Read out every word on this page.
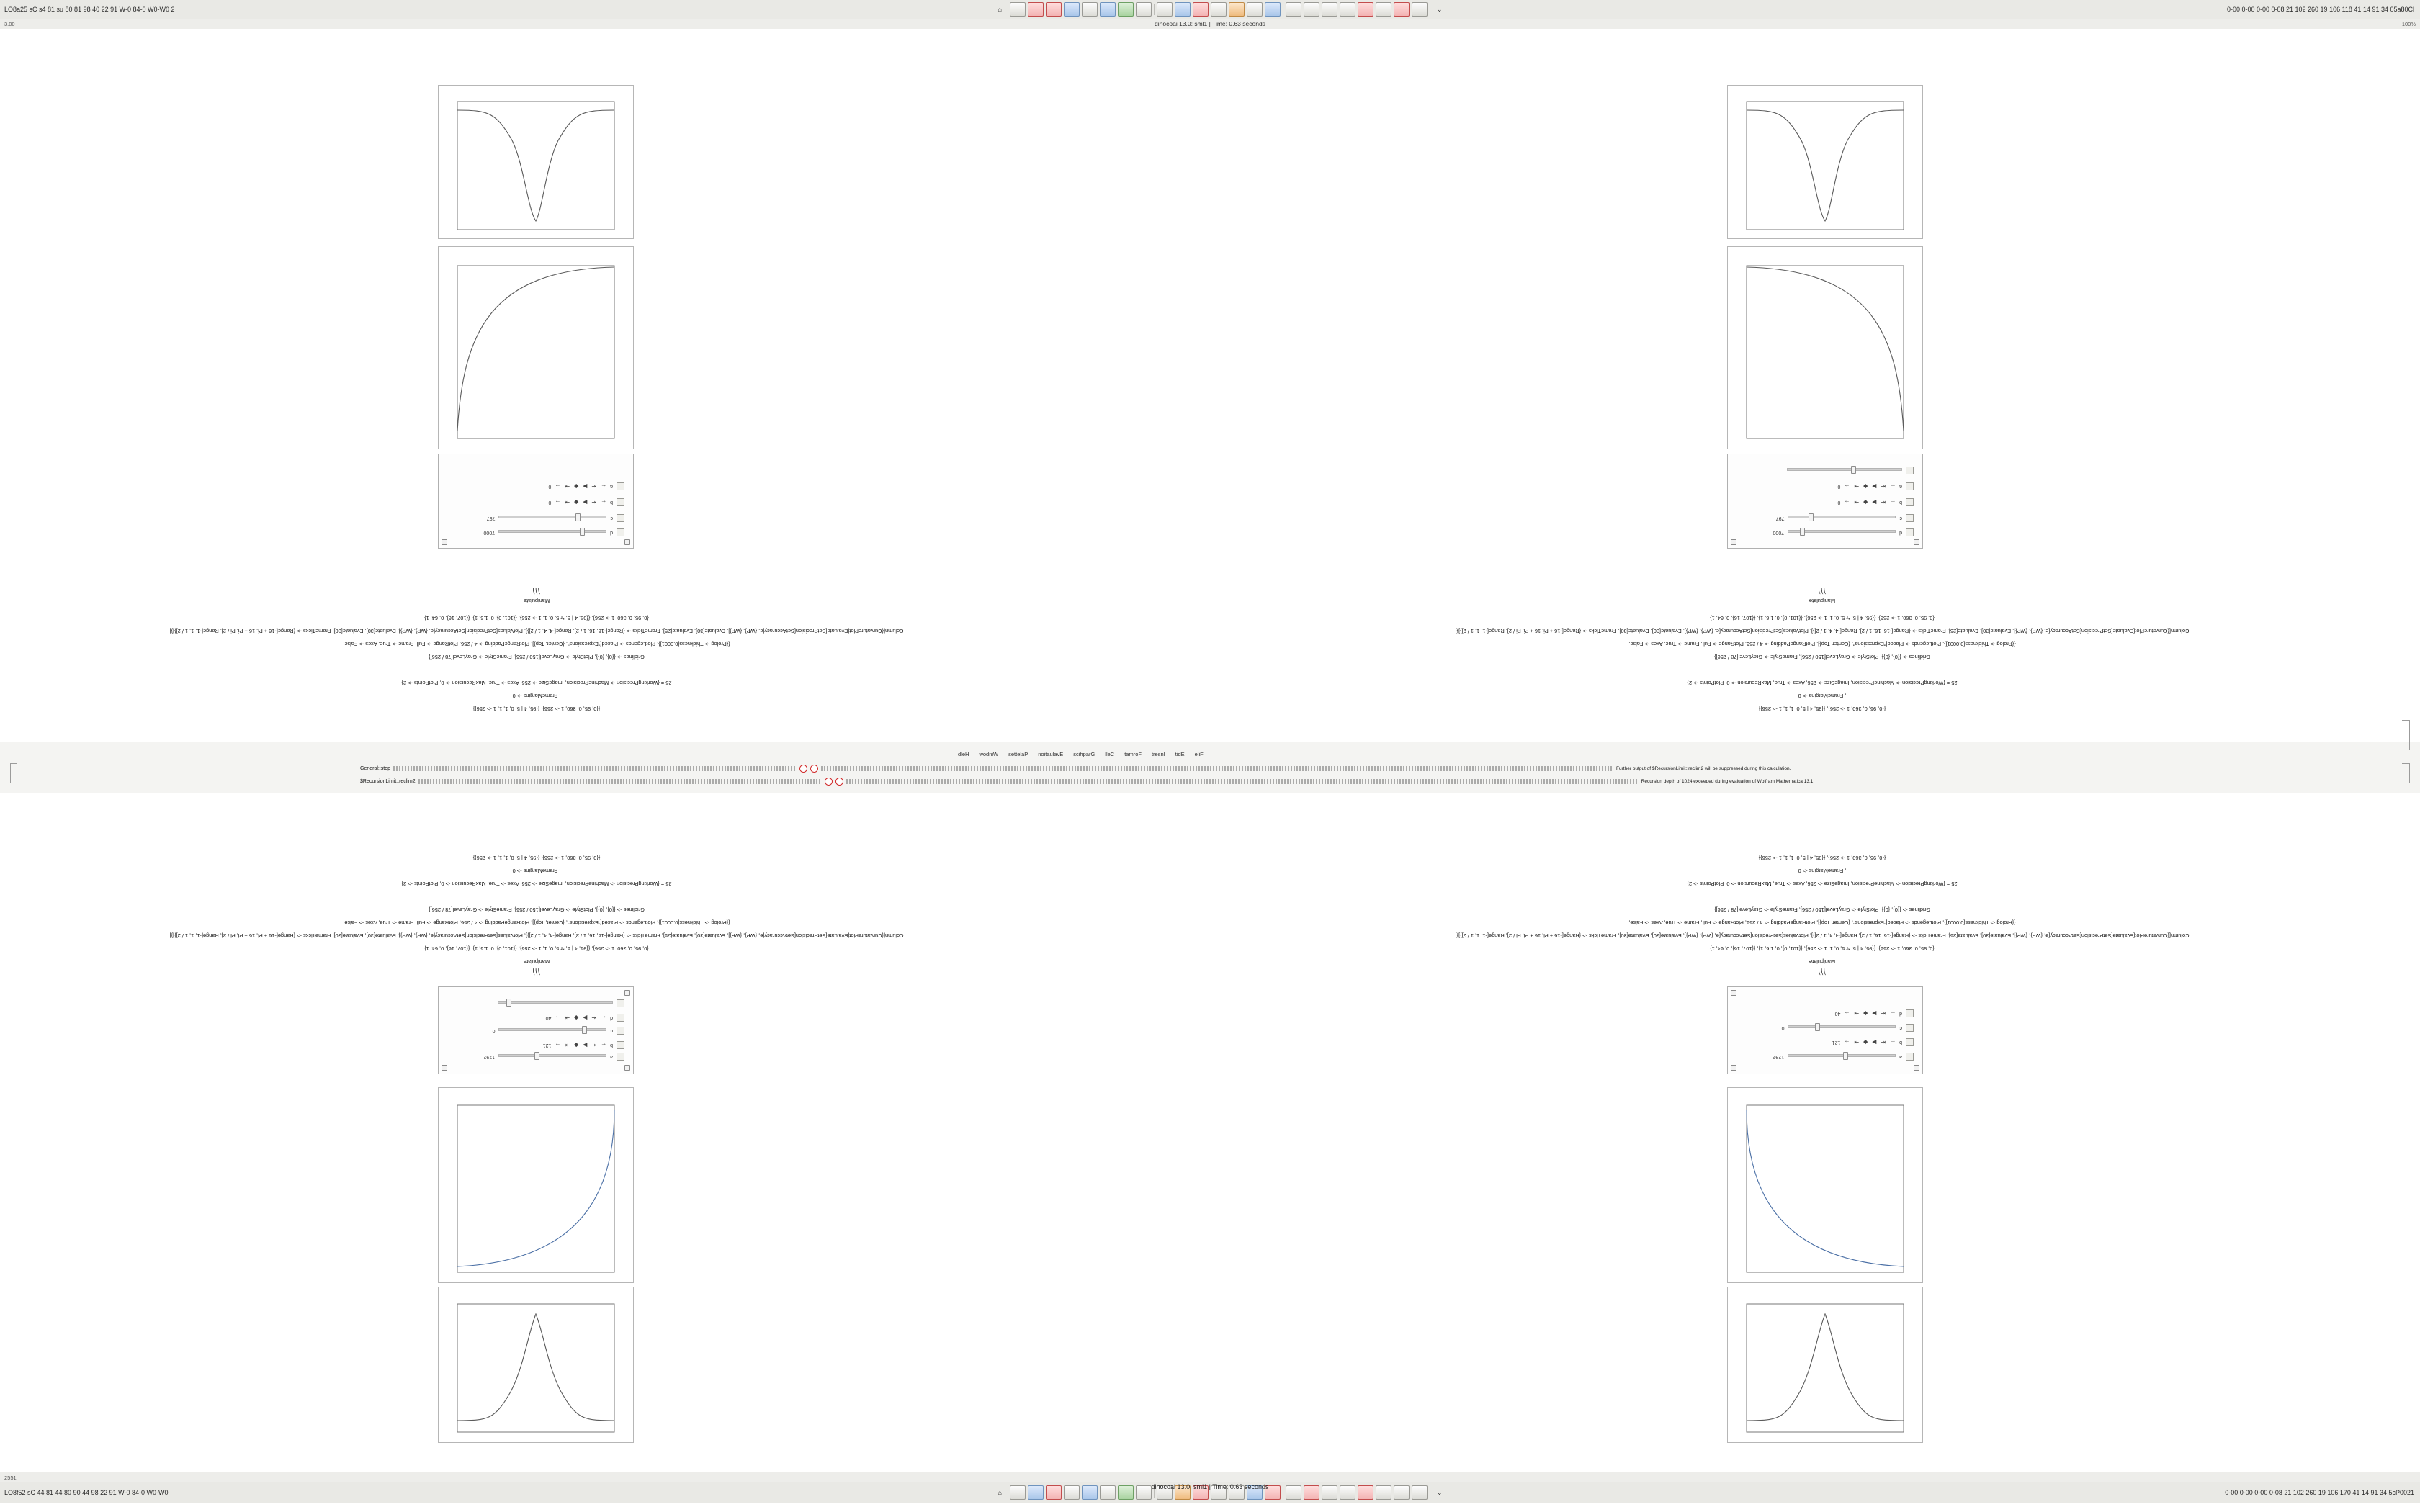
LO8a25 sC s4 81 su 80 81 98 40 22 91 W-0 84-0 W0-W0 2	⌂	⌄	0-00 0-00 0-00 0-08 21 102 260 19 106 118 41 14 91 34 05a80Cl
3.00	dinocoai 13.0: sml1 | Time: 0.63 seconds	100%
a
1292
b
←
⇤
▶
◆
⇥
→
121
c
0
d
←
⇤
▶
◆
⇥
→
40
⎞⎞⎞
Manipulate
{0, 95, 0, 360, 1 -> 256}, {{95, 4 | 5, *r 5, 0, 1, 1 -> 256}, {{101, 0}, 0, 1.6, 1}, {{107, 16}, 0, 64, 1}
Column[{CurvaturePlot[Evaluate[SetPrecision[SetAccuracy[e, {WP}, {WP}], Evaluate[30], Evaluate[25], FrameTicks -> {Range[-16, 16, 1 / 2], Range[-4, 4, 1 / 2]}], PlotValues[SetPrecision[SetAccuracy[e, {WP}, {WP}], Evaluate[30], Evaluate[30], FrameTicks -> {Range[-16 + Pi, 16 + Pi, Pi / 2], Range[-1, 1, 1 / 2]}]}]
{{Prolog -> Thickness[0.0001]}, PlotLegends -> Placed["Expressions", {Center, Top}], PlotRangePadding -> 4 / 256, PlotRange -> Full, Frame -> True, Axes -> False,
Gridlines -> {{0}, {0}}, PlotStyle -> GrayLevel[150 / 256], FrameStyle -> GrayLevel[78 / 256]}
25 = {WorkingPrecision -> MachinePrecision, ImageSize -> 256, Axes -> True, MaxRecursion -> 0, PlotPoints -> 2}
, FrameMargins -> 0
{{0, 95, 0, 360, 1 -> 256}, {{95, 4 | 5, 0, 1, 1, 1 -> 256}}
⎞⎞⎞
Manipulate
{0, 95, 0, 360, 1 -> 256}, {{95, 4 | 5, *r 5, 0, 1, 1 -> 256}, {{101, 0}, 0, 1.6, 1}, {{107, 16}, 0, 64, 1}
Column[{CurvaturePlot[Evaluate[SetPrecision[SetAccuracy[e, {WP}, {WP}], Evaluate[30], Evaluate[25], FrameTicks -> {Range[-16, 16, 1 / 2], Range[-4, 4, 1 / 2]}], PlotValues[SetPrecision[SetAccuracy[e, {WP}, {WP}], Evaluate[30], Evaluate[30], FrameTicks -> {Range[-16 + Pi, 16 + Pi, Pi / 2], Range[-1, 1, 1 / 2]}]}]
{{Prolog -> Thickness[0.0001]}, PlotLegends -> Placed["Expressions", {Center, Top}], PlotRangePadding -> 4 / 256, PlotRange -> Full, Frame -> True, Axes -> False,
Gridlines -> {{0}, {0}}, PlotStyle -> GrayLevel[150 / 256], FrameStyle -> GrayLevel[78 / 256]}
25 = {WorkingPrecision -> MachinePrecision, ImageSize -> 256, Axes -> True, MaxRecursion -> 0, PlotPoints -> 2}
, FrameMargins -> 0
{{0, 95, 0, 360, 1 -> 256}, {{95, 4 | 5, 0, 1, 1, 1 -> 256}}
a
1292
b
←
⇤
▶
◆
⇥
→
121
c
0
d
←
⇤
▶
◆
⇥
→
40
{{0, 95, 0, 360, 1 -> 256}, {{95, 4 | 5, 0, 1, 1, 1 -> 256}}
, FrameMargins -> 0
25 = {WorkingPrecision -> MachinePrecision, ImageSize -> 256, Axes -> True, MaxRecursion -> 0, PlotPoints -> 2}
Gridlines -> {{0}, {0}}, PlotStyle -> GrayLevel[150 / 256], FrameStyle -> GrayLevel[78 / 256]}
{{Prolog -> Thickness[0.0001]}, PlotLegends -> Placed["Expressions", {Center, Top}], PlotRangePadding -> 4 / 256, PlotRange -> Full, Frame -> True, Axes -> False,
Column[{CurvaturePlot[Evaluate[SetPrecision[SetAccuracy[e, {WP}, {WP}], Evaluate[30], Evaluate[25], FrameTicks -> {Range[-16, 16, 1 / 2], Range[-4, 4, 1 / 2]}], PlotValues[SetPrecision[SetAccuracy[e, {WP}, {WP}], Evaluate[30], Evaluate[30], FrameTicks -> {Range[-16 + Pi, 16 + Pi, Pi / 2], Range[-1, 1, 1 / 2]}]}]
{0, 95, 0, 360, 1 -> 256}, {{95, 4 | 5, *r 5, 0, 1, 1 -> 256}, {{101, 0}, 0, 1.6, 1}, {{107, 16}, 0, 64, 1}
Manipulate
⎞⎞⎞
{{0, 95, 0, 360, 1 -> 256}, {{95, 4 | 5, 0, 1, 1, 1 -> 256}}
, FrameMargins -> 0
25 = {WorkingPrecision -> MachinePrecision, ImageSize -> 256, Axes -> True, MaxRecursion -> 0, PlotPoints -> 2}
Gridlines -> {{0}, {0}}, PlotStyle -> GrayLevel[150 / 256], FrameStyle -> GrayLevel[78 / 256]}
{{Prolog -> Thickness[0.0001]}, PlotLegends -> Placed["Expressions", {Center, Top}], PlotRangePadding -> 4 / 256, PlotRange -> Full, Frame -> True, Axes -> False,
Column[{CurvaturePlot[Evaluate[SetPrecision[SetAccuracy[e, {WP}, {WP}], Evaluate[30], Evaluate[25], FrameTicks -> {Range[-16, 16, 1 / 2], Range[-4, 4, 1 / 2]}], PlotValues[SetPrecision[SetAccuracy[e, {WP}, {WP}], Evaluate[30], Evaluate[30], FrameTicks -> {Range[-16 + Pi, 16 + Pi, Pi / 2], Range[-1, 1, 1 / 2]}]}]
{0, 95, 0, 360, 1 -> 256}, {{95, 4 | 5, *r 5, 0, 1, 1 -> 256}, {{101, 0}, 0, 1.6, 1}, {{107, 16}, 0, 64, 1}
Manipulate
⎞⎞⎞
d
7000
c
797
b
←
⇤
▶
◆
⇥
→
0
a
←
⇤
▶
◆
⇥
→
0
d
7000
c
797
b
←
⇤
▶
◆
⇥
→
0
a
←
⇤
▶
◆
⇥
→
0
dleH wodniW settelaP noitaulavE scihparG lleC tamroF tresnI tidE eliF
General::stop	Further output of $RecursionLimit::reclim2 will be suppressed during this calculation.
$RecursionLimit::reclim2	Recursion depth of 1024 exceeded during evaluation of Wolfram Mathematica 13.1
2551
LO8f52 sC 44 81 44 80 90 44 98 22 91 W-0 84-0 W0-W0	⌂	⌄	0-00 0-00 0-00 0-08 21 102 260 19 106 170 41 14 91 34 5cP0021
dinocoai 13.0: sml1 | Time: 0.63 seconds
